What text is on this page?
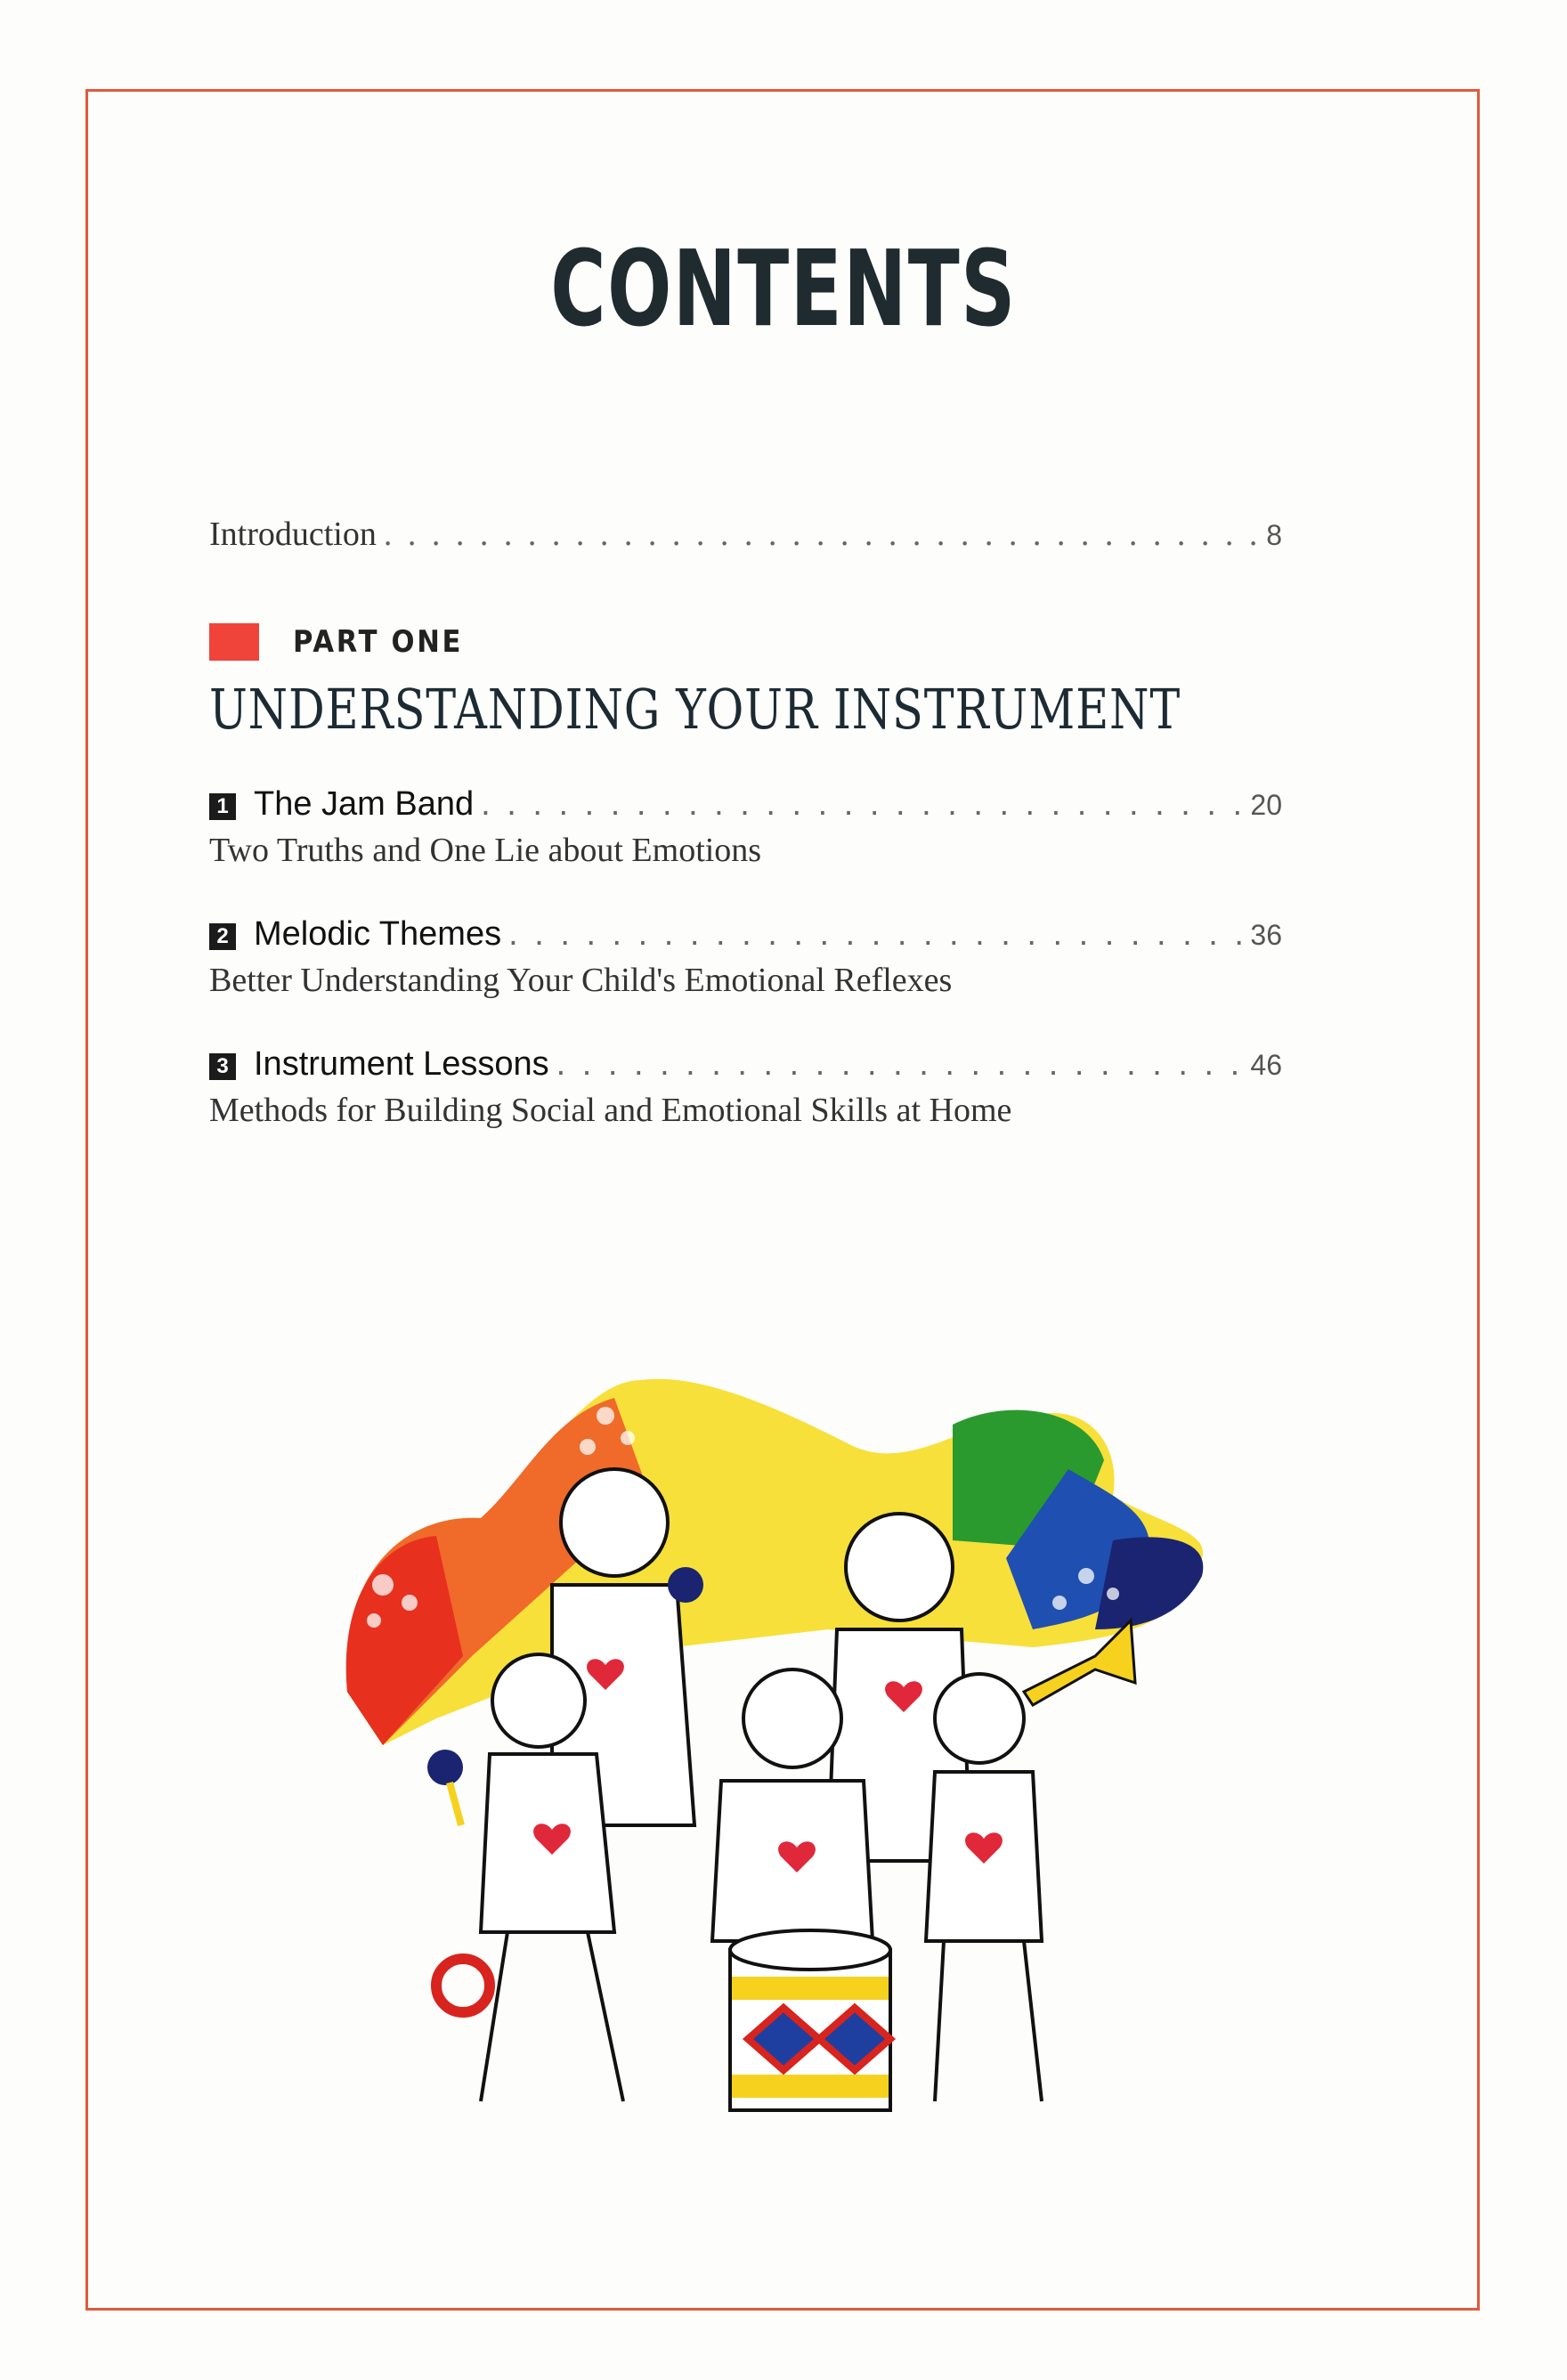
CONTENTS
Introduction . . .	8
PART ONE
UNDERSTANDING YOUR INSTRUMENT
1 The Jam Band . . .	20
Two Truths and One Lie about Emotions
2 Melodic Themes . . .	36
Better Understanding Your Child's Emotional Reflexes
3 Instrument Lessons . . .	46
Methods for Building Social and Emotional Skills at Home
